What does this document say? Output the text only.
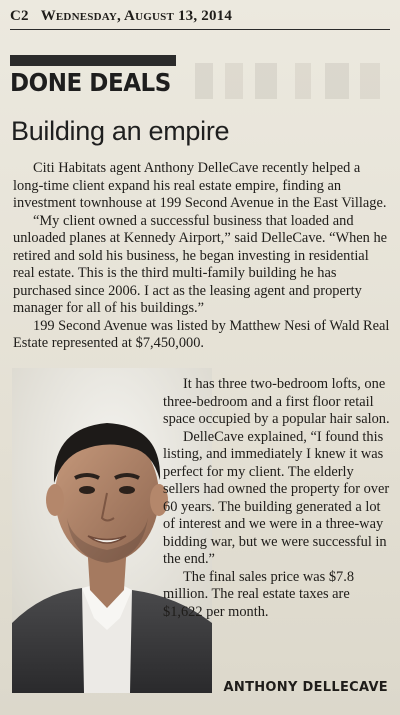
C2 Wednesday, August 13, 2014
DONE DEALS
Building an empire

Citi Habitats agent Anthony DelleCave recently helped a long-time client expand his real estate empire, finding an investment townhouse at 199 Second Avenue in the East Village.

“My client owned a successful business that loaded and unloaded planes at Kennedy Airport,” said DelleCave. “When he retired and sold his business, he began investing in residential real estate. This is the third multi-family building he has purchased since 2006. I act as the leasing agent and property manager for all of his buildings.”

199 Second Avenue was listed by Matthew Nesi of Wald Real Estate represented at $7,450,000.

It has three two-bedroom lofts, one three-bedroom and a first floor retail space occupied by a popular hair salon.

DelleCave explained, “I found this listing, and immediately I knew it was perfect for my client. The elderly sellers had owned the property for over 60 years. The building generated a lot of interest and we were in a three-way bidding war, but we were successful in the end.”

The final sales price was $7.8 million. The real estate taxes are $1,622 per month.

ANTHONY DELLECAVE
